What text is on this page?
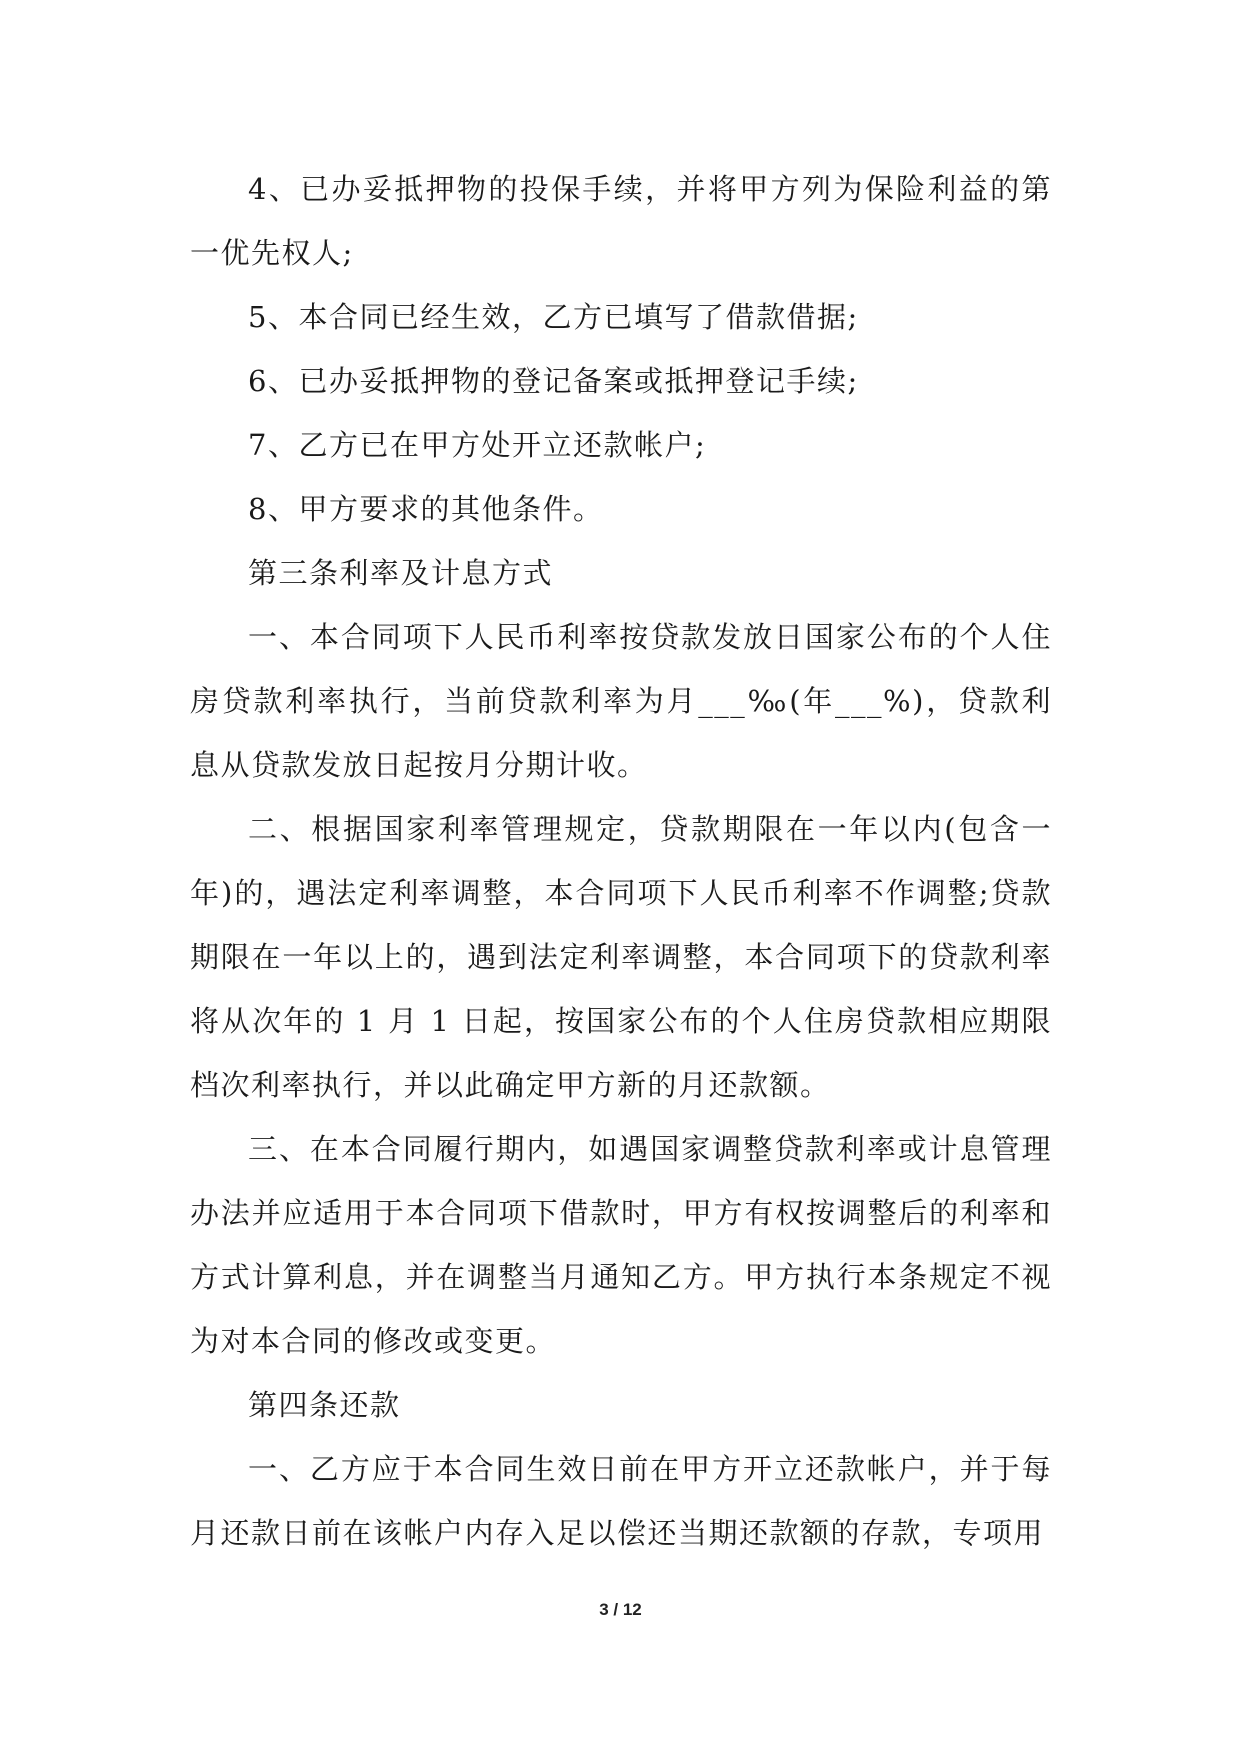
4、已办妥抵押物的投保手续，并将甲方列为保险利益的第一优先权人;

5、本合同已经生效，乙方已填写了借款借据;

6、已办妥抵押物的登记备案或抵押登记手续;

7、乙方已在甲方处开立还款帐户;

8、甲方要求的其他条件。

第三条利率及计息方式

一、本合同项下人民币利率按贷款发放日国家公布的个人住房贷款利率执行，当前贷款利率为月___‰(年___%)，贷款利息从贷款发放日起按月分期计收。

二、根据国家利率管理规定，贷款期限在一年以内(包含一年)的，遇法定利率调整，本合同项下人民币利率不作调整;贷款期限在一年以上的，遇到法定利率调整，本合同项下的贷款利率将从次年的 1 月 1 日起，按国家公布的个人住房贷款相应期限档次利率执行，并以此确定甲方新的月还款额。

三、在本合同履行期内，如遇国家调整贷款利率或计息管理办法并应适用于本合同项下借款时，甲方有权按调整后的利率和方式计算利息，并在调整当月通知乙方。甲方执行本条规定不视为对本合同的修改或变更。

第四条还款

一、乙方应于本合同生效日前在甲方开立还款帐户，并于每月还款日前在该帐户内存入足以偿还当期还款额的存款，专项用

3 / 12
